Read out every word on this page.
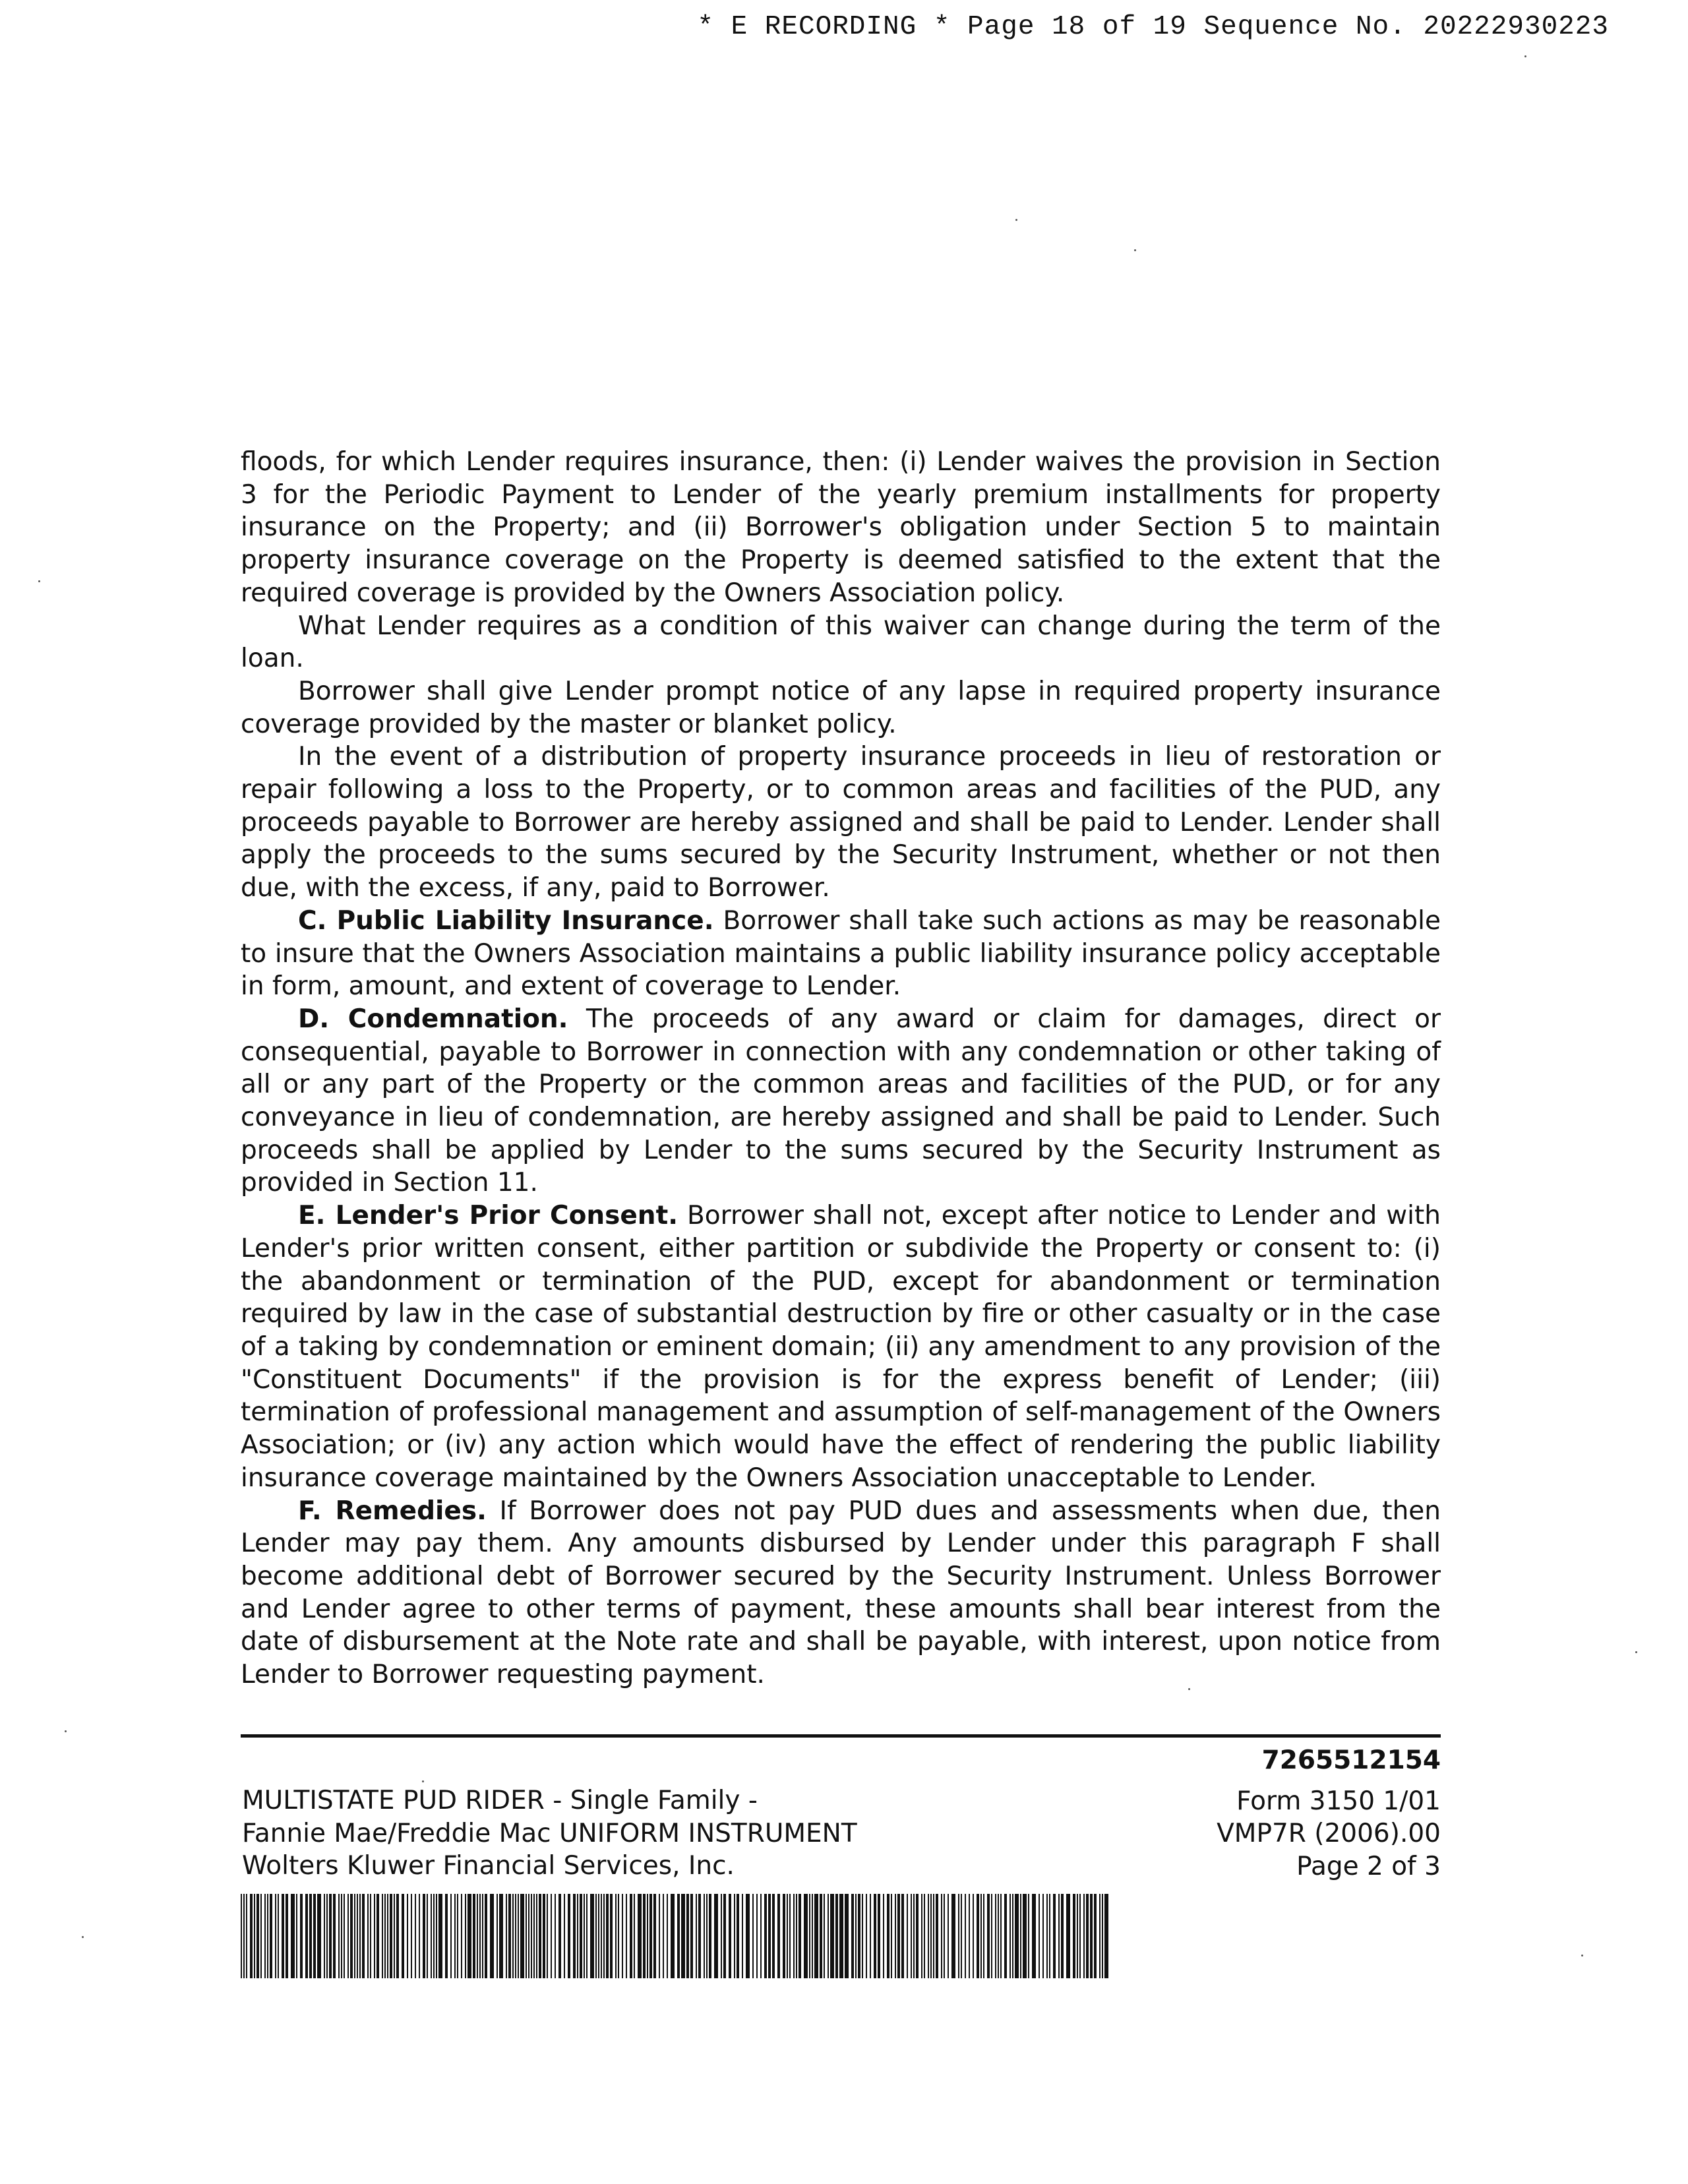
* E RECORDING * Page 18 of 19 Sequence No. 20222930223

floods, for which Lender requires insurance, then: (i) Lender waives the provision in Section 3 for the Periodic Payment to Lender of the yearly premium installments for property insurance on the Property; and (ii) Borrower's obligation under Section 5 to maintain property insurance coverage on the Property is deemed satisfied to the extent that the required coverage is provided by the Owners Association policy.

What Lender requires as a condition of this waiver can change during the term of the loan.

Borrower shall give Lender prompt notice of any lapse in required property insurance coverage provided by the master or blanket policy.

In the event of a distribution of property insurance proceeds in lieu of restoration or repair following a loss to the Property, or to common areas and facilities of the PUD, any proceeds payable to Borrower are hereby assigned and shall be paid to Lender. Lender shall apply the proceeds to the sums secured by the Security Instrument, whether or not then due, with the excess, if any, paid to Borrower.

C. Public Liability Insurance. Borrower shall take such actions as may be reasonable to insure that the Owners Association maintains a public liability insurance policy acceptable in form, amount, and extent of coverage to Lender.

D. Condemnation. The proceeds of any award or claim for damages, direct or consequential, payable to Borrower in connection with any condemnation or other taking of all or any part of the Property or the common areas and facilities of the PUD, or for any conveyance in lieu of condemnation, are hereby assigned and shall be paid to Lender. Such proceeds shall be applied by Lender to the sums secured by the Security Instrument as provided in Section 11.

E. Lender's Prior Consent. Borrower shall not, except after notice to Lender and with Lender's prior written consent, either partition or subdivide the Property or consent to: (i) the abandonment or termination of the PUD, except for abandonment or termination required by law in the case of substantial destruction by fire or other casualty or in the case of a taking by condemnation or eminent domain; (ii) any amendment to any provision of the "Constituent Documents" if the provision is for the express benefit of Lender; (iii) termination of professional management and assumption of self-management of the Owners Association; or (iv) any action which would have the effect of rendering the public liability insurance coverage maintained by the Owners Association unacceptable to Lender.

F. Remedies. If Borrower does not pay PUD dues and assessments when due, then Lender may pay them. Any amounts disbursed by Lender under this paragraph F shall become additional debt of Borrower secured by the Security Instrument. Unless Borrower and Lender agree to other terms of payment, these amounts shall bear interest from the date of disbursement at the Note rate and shall be payable, with interest, upon notice from Lender to Borrower requesting payment.

MULTISTATE PUD RIDER - Single Family -
Fannie Mae/Freddie Mac UNIFORM INSTRUMENT
Wolters Kluwer Financial Services, Inc.
7265512154
Form 3150 1/01
VMP7R (2006).00
Page 2 of 3
